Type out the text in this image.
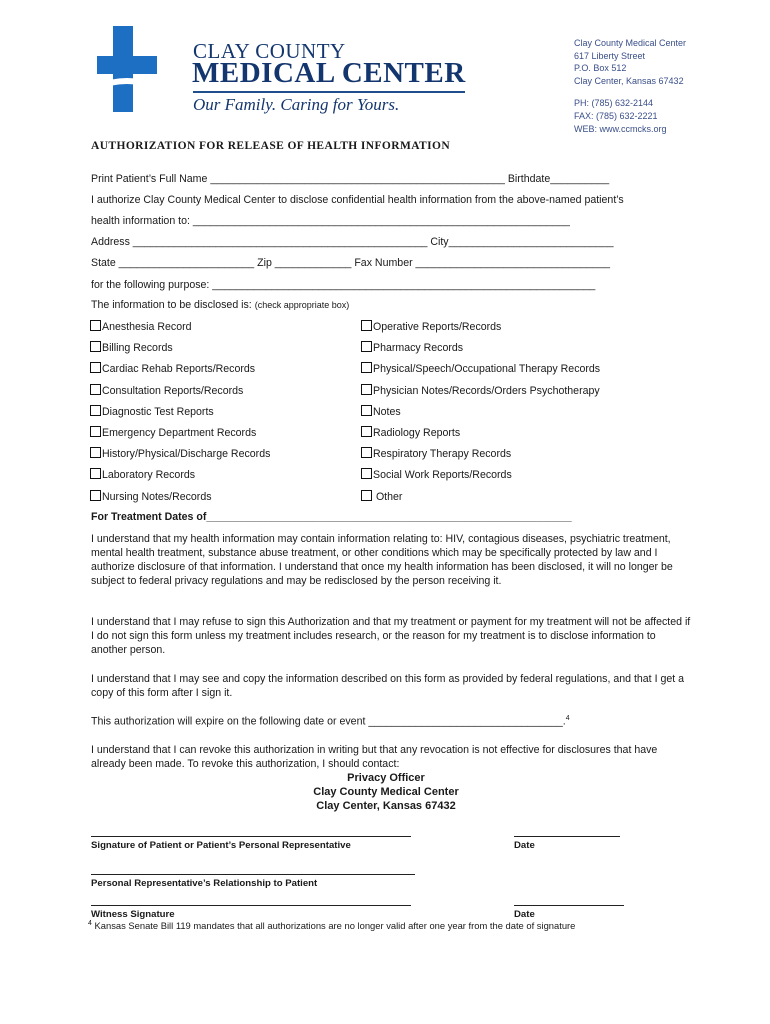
CLAY COUNTY
MEDICAL CENTER
Our Family. Caring for Yours.
Clay County Medical Center
617 Liberty Street
P.O. Box 512
Clay Center, Kansas 67432
PH: (785) 632-2144
FAX: (785) 632-2221
WEB: www.ccmcks.org
AUTHORIZATION FOR RELEASE OF HEALTH INFORMATION
Print Patient’s Full Name __________________________________________________ Birthdate__________
I authorize Clay County Medical Center to disclose confidential health information from the above-named patient’s
health information to: ________________________________________________________________
Address __________________________________________________ City____________________________
State _______________________ Zip _____________ Fax Number _________________________________
for the following purpose: _________________________________________________________________
The information to be disclosed is: (check appropriate box)
Anesthesia Record
Billing Records
Cardiac Rehab Reports/Records
Consultation Reports/Records
Diagnostic Test Reports
Emergency Department Records
History/Physical/Discharge Records
Laboratory Records
Nursing Notes/Records
Operative Reports/Records
Pharmacy Records
Physical/Speech/Occupational Therapy Records
Physician Notes/Records/Orders Psychotherapy
Notes
Radiology Reports
Respiratory Therapy Records
Social Work Reports/Records
Other
For Treatment Dates of______________________________________________________________
I understand that my health information may contain information relating to: HIV, contagious diseases, psychiatric treatment, mental health treatment, substance abuse treatment, or other conditions which may be specifically protected by law and I authorize disclosure of that information. I understand that once my health information has been disclosed, it will no longer be subject to federal privacy regulations and may be redisclosed by the person receiving it.
I understand that I may refuse to sign this Authorization and that my treatment or payment for my treatment will not be affected if I do not sign this form unless my treatment includes research, or the reason for my treatment is to disclose information to another person.
I understand that I may see and copy the information described on this form as provided by federal regulations, and that I get a copy of this form after I sign it.
This authorization will expire on the following date or event _________________________________.$^4$
I understand that I can revoke this authorization in writing but that any revocation is not effective for disclosures that have already been made. To revoke this authorization, I should contact:
Privacy Officer
Clay County Medical Center
Clay Center, Kansas 67432
Signature of Patient or Patient’s Personal Representative	Date
Personal Representative’s Relationship to Patient
Witness Signature	Date
$^4$ Kansas Senate Bill 119 mandates that all authorizations are no longer valid after one year from the date of signature
